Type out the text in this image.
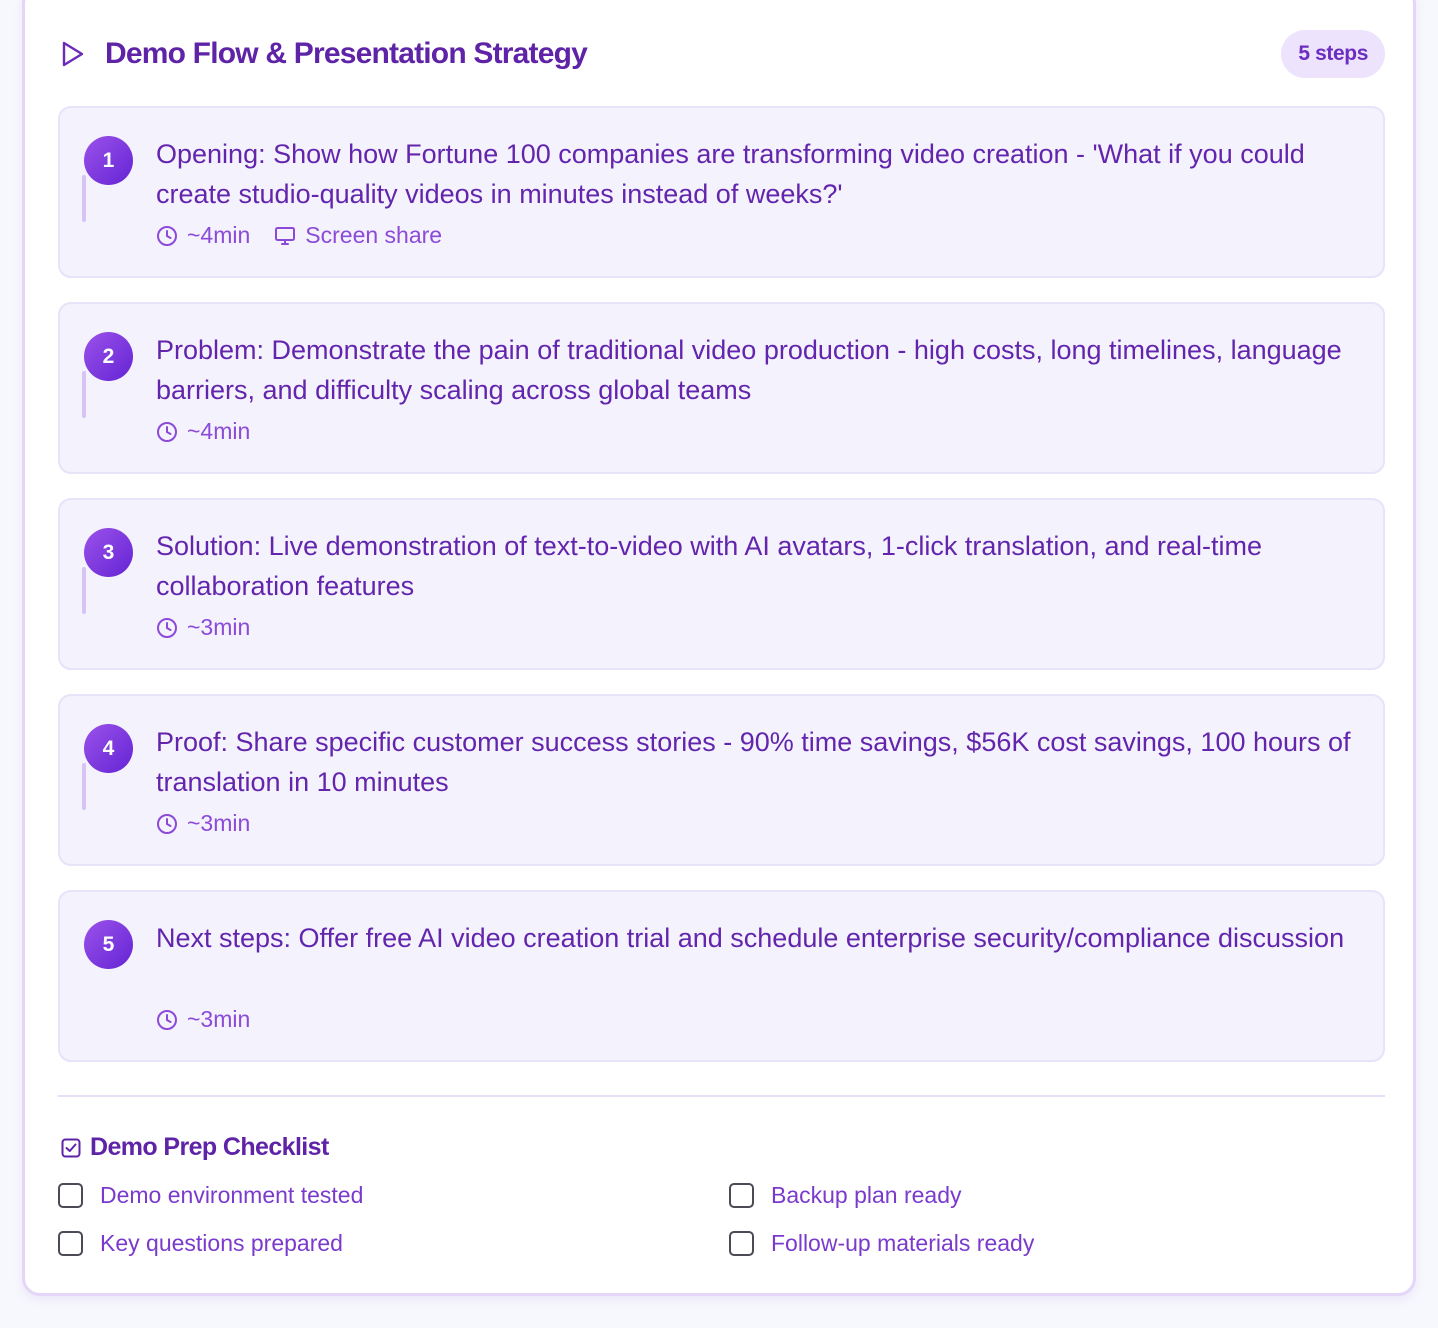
Demo Flow & Presentation Strategy	5 steps
1	Opening: Show how Fortune 100 companies are transforming video creation - 'What if you could create studio-quality videos in minutes instead of weeks?'
~4min Screen share
2	Problem: Demonstrate the pain of traditional video production - high costs, long timelines, language barriers, and difficulty scaling across global teams
~4min
3	Solution: Live demonstration of text-to-video with AI avatars, 1-click translation, and real-time collaboration features
~3min
4	Proof: Share specific customer success stories - 90% time savings, $56K cost savings, 100 hours of translation in 10 minutes
~3min
5	Next steps: Offer free AI video creation trial and schedule enterprise security/compliance discussion
~3min
Demo Prep Checklist
Demo environment tested	Backup plan ready
Key questions prepared	Follow-up materials ready
